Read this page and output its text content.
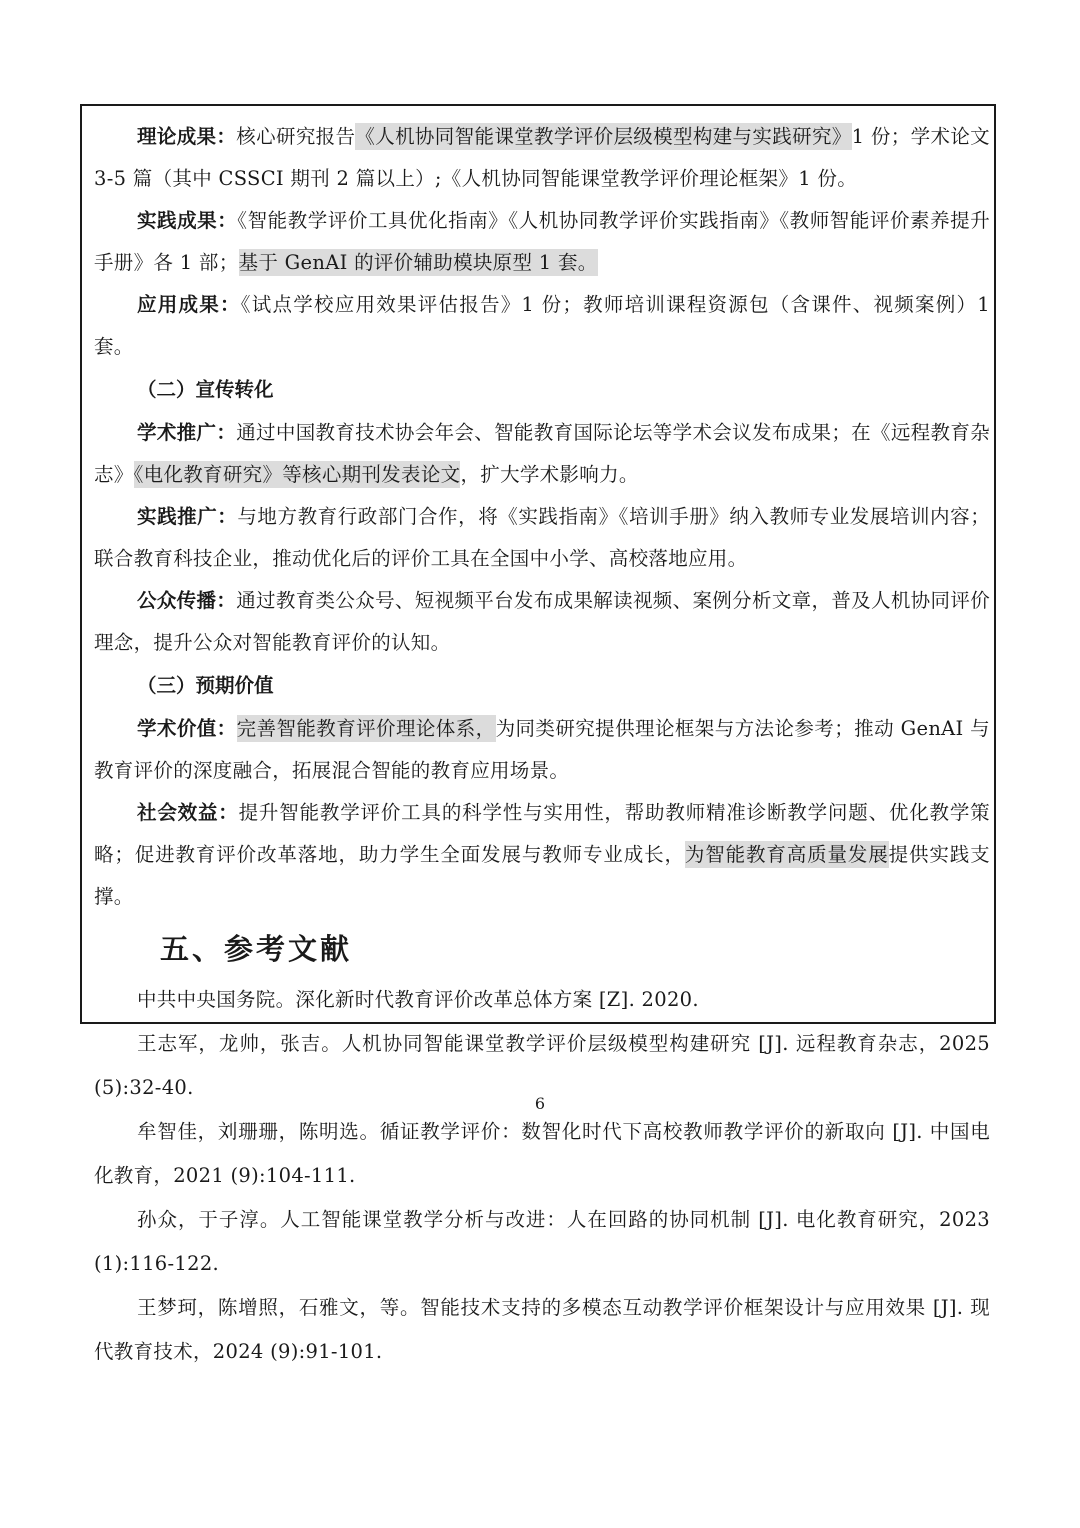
理论成果：核心研究报告《人机协同智能课堂教学评价层级模型构建与实践研究》1 份；学术论文 3-5 篇（其中 CSSCI 期刊 2 篇以上）;《人机协同智能课堂教学评价理论框架》1 份。

实践成果：《智能教学评价工具优化指南》《人机协同教学评价实践指南》《教师智能评价素养提升手册》各 1 部；基于 GenAI 的评价辅助模块原型 1 套。

应用成果：《试点学校应用效果评估报告》1 份；教师培训课程资源包（含课件、视频案例）1 套。

（二）宣传转化

学术推广：通过中国教育技术协会年会、智能教育国际论坛等学术会议发布成果；在《远程教育杂志》《电化教育研究》等核心期刊发表论文，扩大学术影响力。

实践推广：与地方教育行政部门合作，将《实践指南》《培训手册》纳入教师专业发展培训内容；联合教育科技企业，推动优化后的评价工具在全国中小学、高校落地应用。

公众传播：通过教育类公众号、短视频平台发布成果解读视频、案例分析文章，普及人机协同评价理念，提升公众对智能教育评价的认知。

（三）预期价值

学术价值：完善智能教育评价理论体系，为同类研究提供理论框架与方法论参考；推动 GenAI 与教育评价的深度融合，拓展混合智能的教育应用场景。

社会效益：提升智能教学评价工具的科学性与实用性，帮助教师精准诊断教学问题、优化教学策略；促进教育评价改革落地，助力学生全面发展与教师专业成长，为智能教育高质量发展提供实践支撑。

五、参考文献

中共中央国务院。深化新时代教育评价改革总体方案 [Z]. 2020.

王志军，龙帅，张吉。人机协同智能课堂教学评价层级模型构建研究 [J]. 远程教育杂志，2025 (5):32-40.

牟智佳，刘珊珊，陈明选。循证教学评价：数智化时代下高校教师教学评价的新取向 [J]. 中国电化教育，2021 (9):104-111.

孙众，于子淳。人工智能课堂教学分析与改进：人在回路的协同机制 [J]. 电化教育研究，2023 (1):116-122.

王梦珂，陈增照，石雅文，等。智能技术支持的多模态互动教学评价框架设计与应用效果 [J]. 现代教育技术，2024 (9):91-101.

6
